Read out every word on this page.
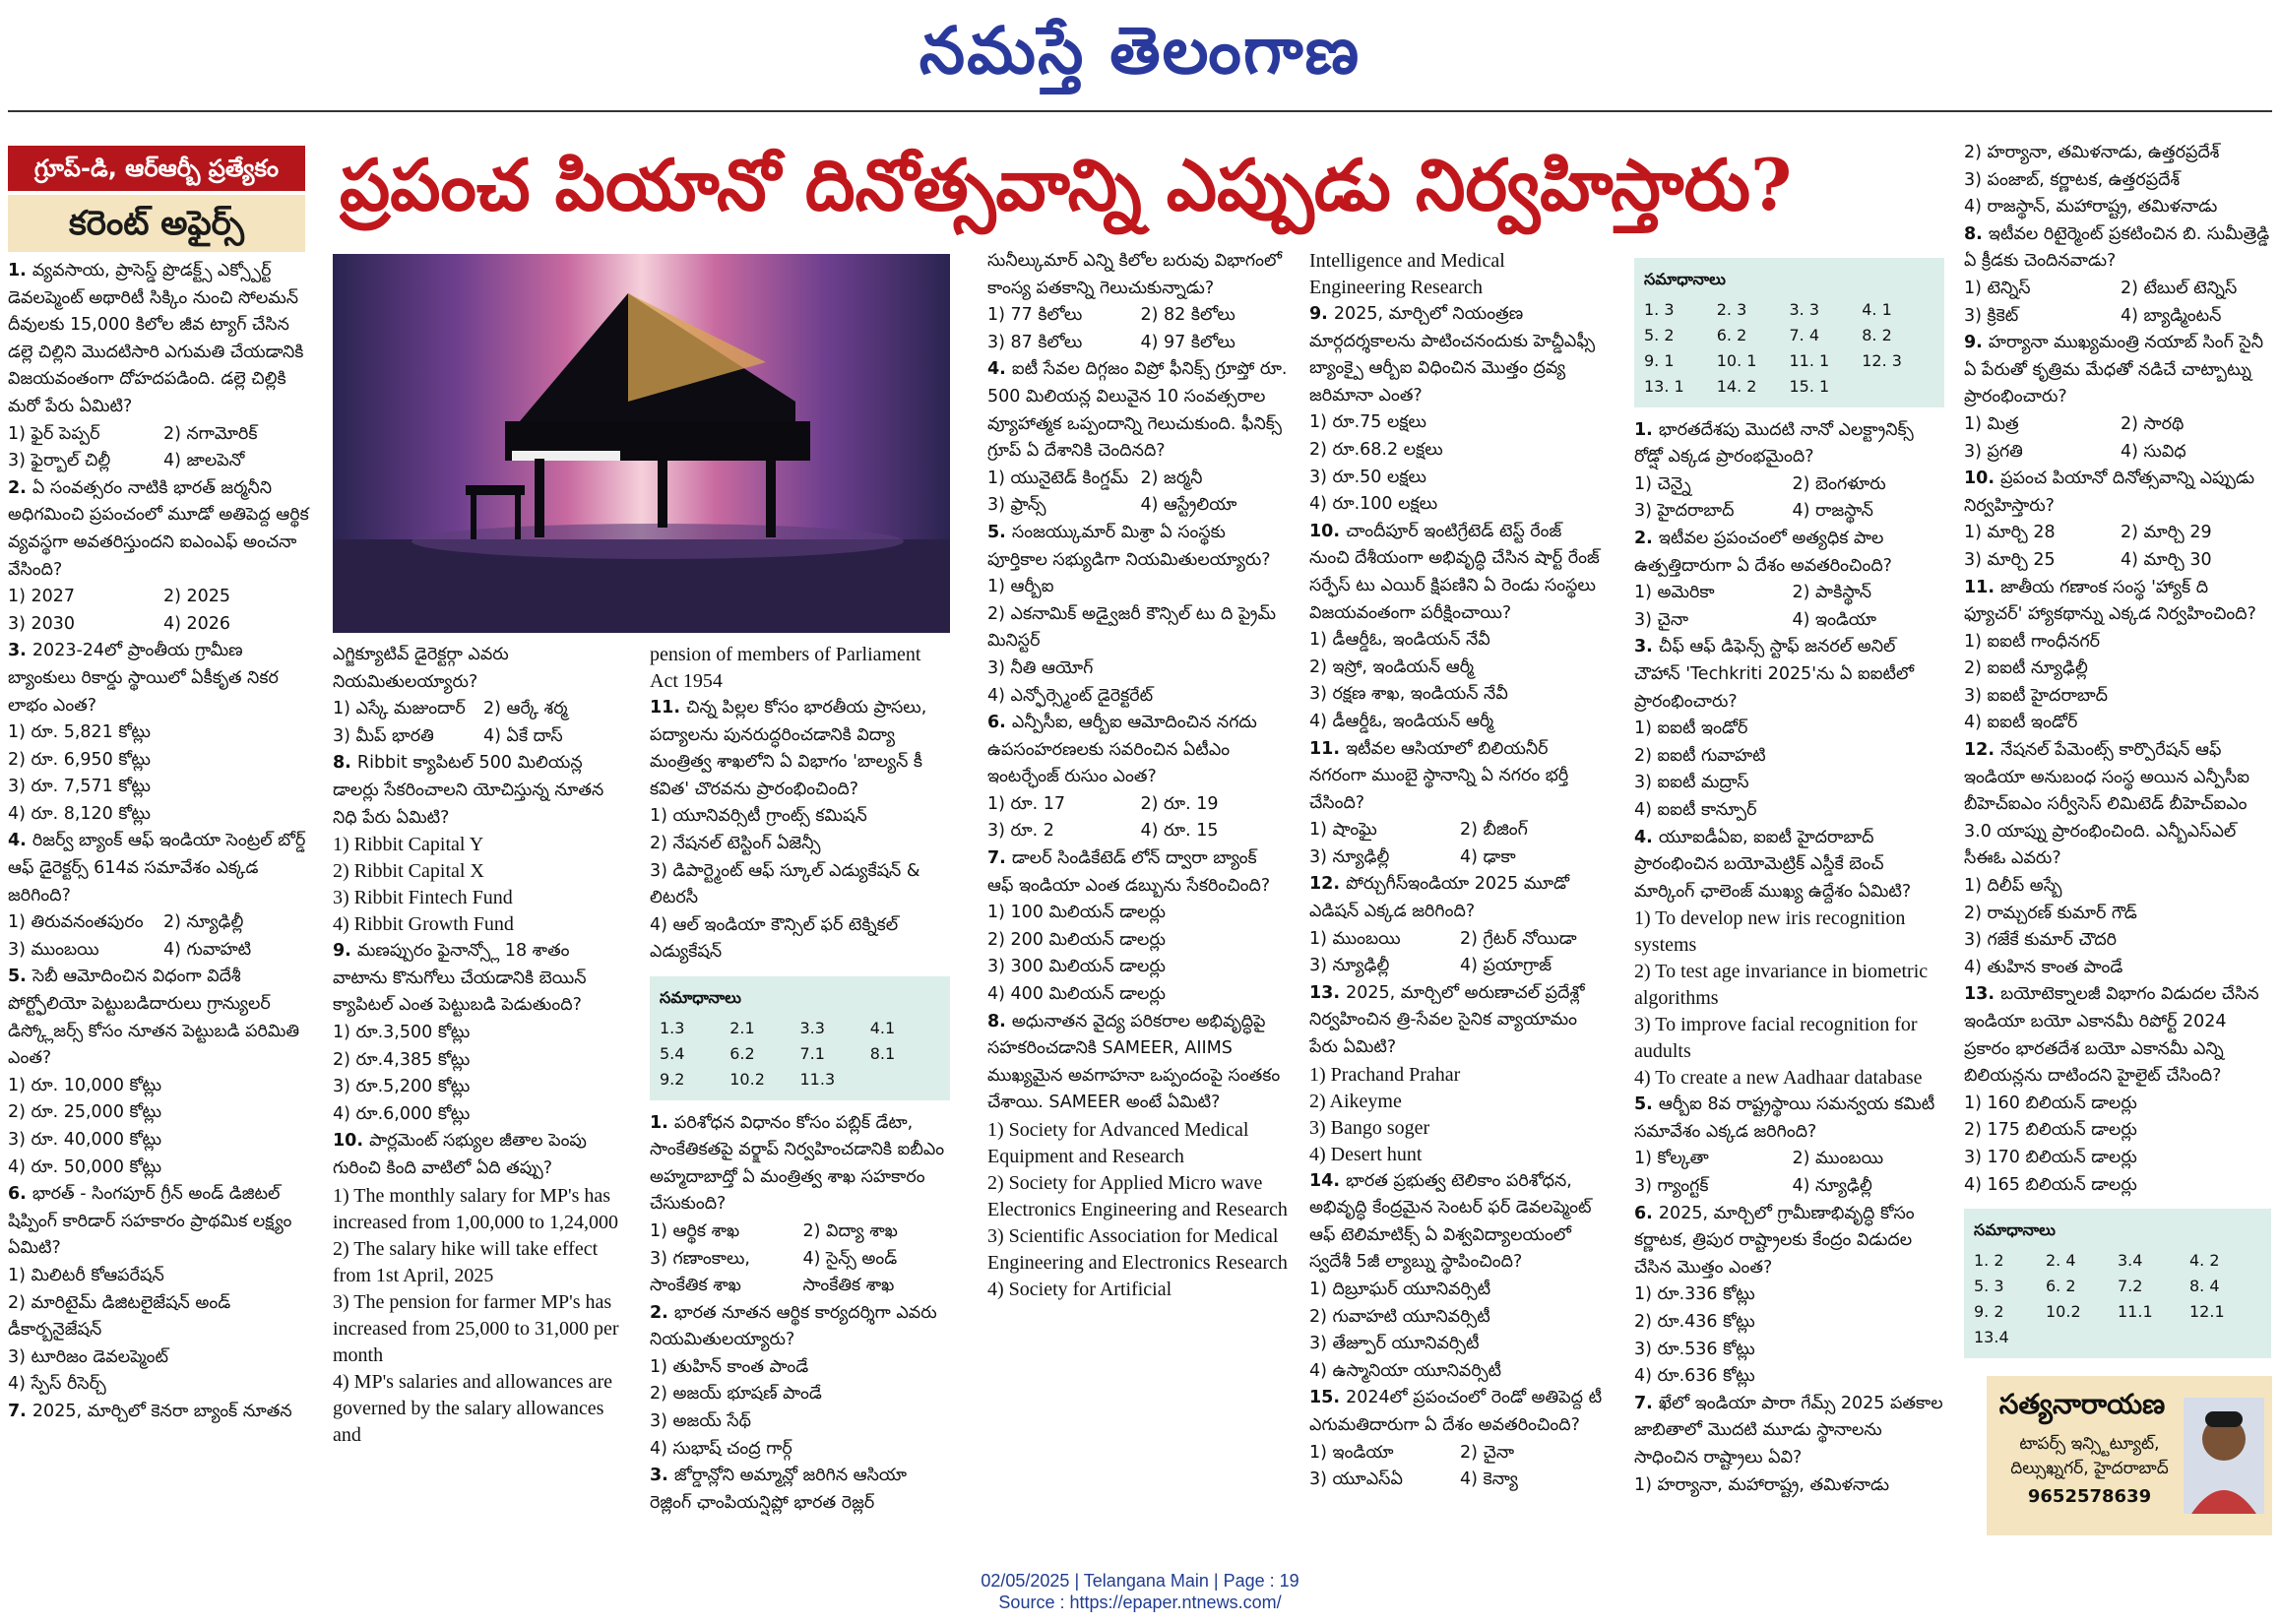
నమస్తే తెలంగాణ
గ్రూప్-డి, ఆర్ఆర్బీ ప్రత్యేకం
కరెంట్ అఫైర్స్	ప్రపంచ పియానో దినోత్సవాన్ని ఎప్పుడు నిర్వహిస్తారు?

1. వ్యవసాయ, ప్రాసెస్డ్ ప్రొడక్ట్స్ ఎక్స్పోర్ట్ డెవలప్మెంట్ అథారిటీ సిక్కిం నుంచి సోలమన్ దీవులకు 15,000 కిలోల జీవ ట్యాగ్ చేసిన డల్లె చిల్లిని మొదటిసారి ఎగుమతి చేయడానికి విజయవంతంగా దోహదపడింది. డల్లె చిల్లికి మరో పేరు ఏమిటి?

1) ఫైర్ పెప్పర్	2) నగామోరిక్
3) ఫైర్బాల్ చిల్లీ	4) జాలపెనో

2. ఏ సంవత్సరం నాటికి భారత్ జర్మనీని అధిగమించి ప్రపంచంలో మూడో అతిపెద్ద ఆర్థిక వ్యవస్థగా అవతరిస్తుందని ఐఎంఎఫ్ అంచనా వేసింది?

1) 2027	2) 2025
3) 2030	4) 2026

3. 2023-24లో ప్రాంతీయ గ్రామీణ బ్యాంకులు రికార్డు స్థాయిలో ఏకీకృత నికర లాభం ఎంత?

1) రూ. 5,821 కోట్లు
2) రూ. 6,950 కోట్లు
3) రూ. 7,571 కోట్లు
4) రూ. 8,120 కోట్లు

4. రిజర్వ్ బ్యాంక్ ఆఫ్ ఇండియా సెంట్రల్ బోర్డ్ ఆఫ్ డైరెక్టర్స్ 614వ సమావేశం ఎక్కడ జరిగింది?

1) తిరువనంతపురం	2) న్యూఢిల్లీ
3) ముంబయి	4) గువాహటి

5. సెబీ ఆమోదించిన విధంగా విదేశీ పోర్ట్ఫోలియో పెట్టుబడిదారులు గ్రాన్యులర్ డిస్క్లోజర్స్ కోసం నూతన పెట్టుబడి పరిమితి ఎంత?

1) రూ. 10,000 కోట్లు
2) రూ. 25,000 కోట్లు
3) రూ. 40,000 కోట్లు
4) రూ. 50,000 కోట్లు

6. భారత్ - సింగపూర్ గ్రీన్ అండ్ డిజిటల్ షిప్పింగ్ కారిడార్ సహకారం ప్రాథమిక లక్ష్యం ఏమిటి?

1) మిలిటరీ కోఆపరేషన్
2) మారిటైమ్ డిజిటలైజేషన్ అండ్ డీకార్బనైజేషన్
3) టూరిజం డెవలప్మెంట్
4) స్పేస్ రీసెర్చ్

7. 2025, మార్చిలో కెనరా బ్యాంక్ నూతన

ఎగ్జిక్యూటివ్ డైరెక్టర్గా ఎవరు నియమితులయ్యారు?

1) ఎస్కే మజుందార్	2) ఆర్కే శర్మ
3) మీప్ భారతి	4) ఏకే దాస్

8. Ribbit క్యాపిటల్ 500 మిలియన్ల డాలర్లు సేకరించాలని యోచిస్తున్న నూతన నిధి పేరు ఏమిటి?

1) Ribbit Capital Y
2) Ribbit Capital X
3) Ribbit Fintech Fund
4) Ribbit Growth Fund

9. మణప్పురం ఫైనాన్స్లో 18 శాతం వాటాను కొనుగోలు చేయడానికి బెయిన్ క్యాపిటల్ ఎంత పెట్టుబడి పెడుతుంది?

1) రూ.3,500 కోట్లు
2) రూ.4,385 కోట్లు
3) రూ.5,200 కోట్లు
4) రూ.6,000 కోట్లు

10. పార్లమెంట్ సభ్యుల జీతాల పెంపు గురించి కింది వాటిలో ఏది తప్పు?

1) The monthly salary for MP's has increased from 1,00,000 to 1,24,000
2) The salary hike will take effect from 1st April, 2025
3) The pension for farmer MP's has increased from 25,000 to 31,000 per month
4) MP's salaries and allowances are governed by the salary allowances and

pension of members of Parliament Act 1954

11. చిన్న పిల్లల కోసం భారతీయ ప్రాసలు, పద్యాలను పునరుద్ధరించడానికి విద్యా మంత్రిత్వ శాఖలోని ఏ విభాగం 'బాల్యన్ కీ కవిత' చొరవను ప్రారంభించింది?

1) యూనివర్సిటీ గ్రాంట్స్ కమిషన్
2) నేషనల్ టెస్టింగ్ ఏజెన్సీ
3) డిపార్ట్మెంట్ ఆఫ్ స్కూల్ ఎడ్యుకేషన్ & లిటరసీ
4) ఆల్ ఇండియా కౌన్సిల్ ఫర్ టెక్నికల్ ఎడ్యుకేషన్
సమాధానాలు
1.3	2.1	3.3	4.1
5.4	6.2	7.1	8.1
9.2	10.2	11.3

1. పరిశోధన విధానం కోసం పబ్లిక్ డేటా, సాంకేతికతపై వర్క్షాప్ నిర్వహించడానికి ఐబీఎం అహ్మదాబాద్తో ఏ మంత్రిత్వ శాఖ సహకారం చేసుకుంది?

1) ఆర్థిక శాఖ	2) విద్యా శాఖ
3) గణాంకాలు, సాంకేతిక శాఖ
4) సైన్స్ అండ్ సాంకేతిక శాఖ

2. భారత నూతన ఆర్థిక కార్యదర్శిగా ఎవరు నియమితులయ్యారు?

1) తుహిన్ కాంత పాండే
2) అజయ్ భూషణ్ పాండే
3) అజయ్ సేథ్
4) సుభాష్ చంద్ర గార్గ్

3. జోర్డాన్లోని అమ్మాన్లో జరిగిన ఆసియా రెజ్లింగ్ ఛాంపియన్షిప్లో భారత రెజ్లర్

సునీల్కుమార్ ఎన్ని కిలోల బరువు విభాగంలో కాంస్య పతకాన్ని గెలుచుకున్నాడు?

1) 77 కిలోలు	2) 82 కిలోలు
3) 87 కిలోలు	4) 97 కిలోలు

4. ఐటీ సేవల దిగ్గజం విప్రో ఫీనిక్స్ గ్రూప్తో రూ. 500 మిలియన్ల విలువైన 10 సంవత్సరాల వ్యూహాత్మక ఒప్పందాన్ని గెలుచుకుంది. ఫీనిక్స్ గ్రూప్ ఏ దేశానికి చెందినది?

1) యునైటెడ్ కింగ్డమ్ 2) జర్మనీ
3) ఫ్రాన్స్	4) ఆస్ట్రేలియా

5. సంజయ్కుమార్ మిశ్రా ఏ సంస్థకు పూర్తికాల సభ్యుడిగా నియమితులయ్యారు?

1) ఆర్బీఐ
2) ఎకనామిక్ అడ్వైజరీ కౌన్సిల్ టు ది ప్రైమ్ మినిస్టర్
3) నీతి ఆయోగ్
4) ఎన్ఫోర్స్మెంట్ డైరెక్టరేట్

6. ఎన్పీసీఐ, ఆర్బీఐ ఆమోదించిన నగదు ఉపసంహరణలకు సవరించిన ఏటీఎం ఇంటర్ఛేంజ్ రుసుం ఎంత?

1) రూ. 17	2) రూ. 19
3) రూ. 2	4) రూ. 15

7. డాలర్ సిండికేటెడ్ లోన్ ద్వారా బ్యాంక్ ఆఫ్ ఇండియా ఎంత డబ్బును సేకరించింది?

1) 100 మిలియన్ డాలర్లు
2) 200 మిలియన్ డాలర్లు
3) 300 మిలియన్ డాలర్లు
4) 400 మిలియన్ డాలర్లు

8. అధునాతన వైద్య పరికరాల అభివృద్ధిపై సహకరించడానికి SAMEER, AIIMS ముఖ్యమైన అవగాహనా ఒప్పందంపై సంతకం చేశాయి. SAMEER అంటే ఏమిటి?

1) Society for Advanced Medical Equipment and Research
2) Society for Applied Micro wave Electronics Engineering and Research
3) Scientific Association for Medical Engineering and Electronics Research
4) Society for Artificial

Intelligence and Medical Engineering Research

9. 2025, మార్చిలో నియంత్రణ మార్గదర్శకాలను పాటించనందుకు హెచ్డీఎఫ్సీ బ్యాంక్పై ఆర్బీఐ విధించిన మొత్తం ద్రవ్య జరిమానా ఎంత?

1) రూ.75 లక్షలు
2) రూ.68.2 లక్షలు
3) రూ.50 లక్షలు
4) రూ.100 లక్షలు

10. చాందీపూర్ ఇంటిగ్రేటెడ్ టెస్ట్ రేంజ్ నుంచి దేశీయంగా అభివృద్ధి చేసిన షార్ట్ రేంజ్ సర్ఫేస్ టు ఎయిర్ క్షిపణిని ఏ రెండు సంస్థలు విజయవంతంగా పరీక్షించాయి?

1) డీఆర్డీఓ, ఇండియన్ నేవీ
2) ఇస్రో, ఇండియన్ ఆర్మీ
3) రక్షణ శాఖ, ఇండియన్ నేవీ
4) డీఆర్డీఓ, ఇండియన్ ఆర్మీ

11. ఇటీవల ఆసియాలో బిలియనీర్ నగరంగా ముంబై స్థానాన్ని ఏ నగరం భర్తీ చేసింది?

1) షాంఘై	2) బీజింగ్
3) న్యూఢిల్లీ	4) ఢాకా

12. పోర్చుగీస్ఇండియా 2025 మూడో ఎడిషన్ ఎక్కడ జరిగింది?

1) ముంబయి	2) గ్రేటర్ నోయిడా
3) న్యూఢిల్లీ	4) ప్రయాగ్రాజ్

13. 2025, మార్చిలో అరుణాచల్ ప్రదేశ్లో నిర్వహించిన త్రి-సేవల సైనిక వ్యాయామం పేరు ఏమిటి?

1) Prachand Prahar
2) Aikeyme
3) Bango soger
4) Desert hunt

14. భారత ప్రభుత్వ టెలికాం పరిశోధన, అభివృద్ధి కేంద్రమైన సెంటర్ ఫర్ డెవలప్మెంట్ ఆఫ్ టెలిమాటిక్స్ ఏ విశ్వవిద్యాలయంలో స్వదేశీ 5జీ ల్యాబ్ను స్థాపించింది?

1) దిబ్రూఘర్ యూనివర్సిటీ
2) గువాహటి యూనివర్సిటీ
3) తేజ్పూర్ యూనివర్సిటీ
4) ఉస్మానియా యూనివర్సిటీ

15. 2024లో ప్రపంచంలో రెండో అతిపెద్ద టీ ఎగుమతిదారుగా ఏ దేశం అవతరించింది?

1) ఇండియా	2) చైనా
3) యూఎస్ఏ	4) కెన్యా
సమాధానాలు
1. 3	2. 3	3. 3	4. 1
5. 2	6. 2	7. 4	8. 2
9. 1	10. 1	11. 1	12. 3
13. 1	14. 2	15. 1

1. భారతదేశపు మొదటి నానో ఎలక్ట్రానిక్స్ రోడ్షో ఎక్కడ ప్రారంభమైంది?

1) చెన్నై	2) బెంగళూరు
3) హైదరాబాద్	4) రాజస్థాన్

2. ఇటీవల ప్రపంచంలో అత్యధిక పాల ఉత్పత్తిదారుగా ఏ దేశం అవతరించింది?

1) అమెరికా	2) పాకిస్థాన్
3) చైనా	4) ఇండియా

3. చీఫ్ ఆఫ్ డిఫెన్స్ స్టాఫ్ జనరల్ అనిల్ చౌహాన్ 'Techkriti 2025'ను ఏ ఐఐటీలో ప్రారంభించారు?

1) ఐఐటీ ఇండోర్
2) ఐఐటీ గువాహటి
3) ఐఐటీ మద్రాస్
4) ఐఐటీ కాన్పూర్

4. యూఐడీఏఐ, ఐఐటీ హైదరాబాద్ ప్రారంభించిన బయోమెట్రిక్ ఎస్డీకే బెంచ్ మార్కింగ్ ఛాలెంజ్ ముఖ్య ఉద్దేశం ఏమిటి?

1) To develop new iris recognition systems
2) To test age invariance in biometric algorithms
3) To improve facial recognition for audults
4) To create a new Aadhaar database

5. ఆర్బీఐ 8వ రాష్ట్రస్థాయి సమన్వయ కమిటీ సమావేశం ఎక్కడ జరిగింది?

1) కోల్కతా	2) ముంబయి
3) గ్యాంగ్టక్	4) న్యూఢిల్లీ

6. 2025, మార్చిలో గ్రామీణాభివృద్ధి కోసం కర్ణాటక, త్రిపుర రాష్ట్రాలకు కేంద్రం విడుదల చేసిన మొత్తం ఎంత?

1) రూ.336 కోట్లు
2) రూ.436 కోట్లు
3) రూ.536 కోట్లు
4) రూ.636 కోట్లు

7. ఖేలో ఇండియా పారా గేమ్స్ 2025 పతకాల జాబితాలో మొదటి మూడు స్థానాలను సాధించిన రాష్ట్రాలు ఏవి?

1) హర్యానా, మహారాష్ట్ర, తమిళనాడు
2) హర్యానా, తమిళనాడు, ఉత్తరప్రదేశ్
3) పంజాబ్, కర్ణాటక, ఉత్తరప్రదేశ్
4) రాజస్థాన్, మహారాష్ట్ర, తమిళనాడు

8. ఇటీవల రిటైర్మెంట్ ప్రకటించిన బి. సుమీత్రెడ్డి ఏ క్రీడకు చెందినవాడు?

1) టెన్నిస్	2) టేబుల్ టెన్నిస్
3) క్రికెట్	4) బ్యాడ్మింటన్

9. హర్యానా ముఖ్యమంత్రి నయాబ్ సింగ్ సైనీ ఏ పేరుతో కృత్రిమ మేధతో నడిచే చాట్బాట్ను ప్రారంభించారు?

1) మిత్ర	2) సారథి
3) ప్రగతి	4) సువిధ

10. ప్రపంచ పియానో దినోత్సవాన్ని ఎప్పుడు నిర్వహిస్తారు?

1) మార్చి 28	2) మార్చి 29
3) మార్చి 25	4) మార్చి 30

11. జాతీయ గణాంక సంస్థ 'హ్యాక్ ది ఫ్యూచర్' హ్యాకథాన్ను ఎక్కడ నిర్వహించింది?

1) ఐఐటీ గాంధీనగర్
2) ఐఐటీ న్యూఢిల్లీ
3) ఐఐటీ హైదరాబాద్
4) ఐఐటీ ఇండోర్

12. నేషనల్ పేమెంట్స్ కార్పొరేషన్ ఆఫ్ ఇండియా అనుబంధ సంస్థ అయిన ఎన్పీసీఐ బీహెచ్ఐఎం సర్వీసెస్ లిమిటెడ్ బీహెచ్ఐఎం 3.0 యాప్ను ప్రారంభించింది. ఎన్బీఎస్ఎల్ సీఈఓ ఎవరు?

1) దిలీప్ అస్బే
2) రామ్చరణ్ కుమార్ గౌడ్
3) గజేకే కుమార్ చౌదరి
4) తుహిన కాంత పాండే

13. బయోటెక్నాలజీ విభాగం విడుదల చేసిన ఇండియా బయో ఎకానమీ రిపోర్ట్ 2024 ప్రకారం భారతదేశ బయో ఎకానమీ ఎన్ని బిలియన్లను దాటిందని హైలైట్ చేసింది?

1) 160 బిలియన్ డాలర్లు
2) 175 బిలియన్ డాలర్లు
3) 170 బిలియన్ డాలర్లు
4) 165 బిలియన్ డాలర్లు
సమాధానాలు
1. 2	2. 4	3.4	4. 2
5. 3	6. 2	7.2	8. 4
9. 2	10.2	11.1	12.1
13.4
సత్యనారాయణ
టాపర్స్ ఇన్స్టిట్యూట్, దిల్సుఖ్నగర్, హైదరాబాద్
9652578639
02/05/2025 | Telangana Main | Page : 19
Source : https://epaper.ntnews.com/
